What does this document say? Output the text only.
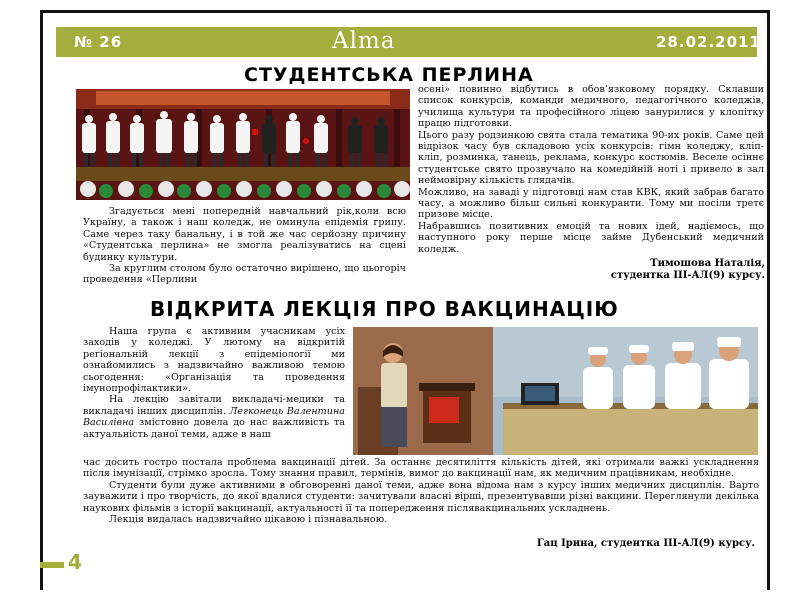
№ 26	Alma	28.02.2011
СТУДЕНТСЬКА ПЕРЛИНА

Згадується мені попередній навчальний рік,коли всю Україну, а також і наш коледж, не оминула епідемія грипу. Саме через таку банальну, і в той же час серйозну причину «Студентська перлина» не змогла реалізуватись на сцені будинку культури.

За круглим столом було остаточно вирішено, що цьогоріч проведення «Перлини

осені» повинно відбутись в обов’язковому порядку. Склавши список конкурсів, команди медичного, педагогічного коледжів, училища культури та професійного ліцею занурилися у клопітку працю підготовки.

Цього разу родзинкою свята стала тематика 90-их років. Саме цей відрізок часу був складовою усіх конкурсів: гімн коледжу, кліп-кліп, розминка, танець, реклама, конкурс костюмів. Веселе осіннє студентське свято прозвучало на комедійній ноті і привело в зал неймовірну кількість глядачів.

Можливо, на заваді у підготовці нам став КВК, який забрав багато часу, а можливо більш сильні конкуранти. Тому ми посіли третє призове місце.

Набравшись позитивних емоцій та нових ідей, надіємось, що наступного року перше місце займе Дубенський медичний коледж.

Тимошова Наталія,
студентка ІІІ-АЛ(9) курсу.
ВІДКРИТА ЛЕКЦІЯ ПРО ВАКЦИНАЦІЮ

Наша група є активним учасникам усіх заходів у коледжі. У лютому на відкритій регіональній лекції з епідеміології ми ознайомились з надзвичайно важливою темою сьогодення: «Організація та проведення імунопрофілактики».

На лекцію завітали викладачі-медики та викладачі інших дисциплін. Легконець Валентина Василівна змістовно довела до нас важливість та актуальність даної теми, адже в наш

час досить гостро постала проблема вакцинації дітей. За останнє десятиліття кількість дітей, які отримали важкі ускладнення після імунізації, стрімко зросла. Тому знання правил, термінів, вимог до вакцинації нам, як медичним працівникам, необхідне.

Студенти були дуже активними в обговоренні даної теми, адже вона відома нам з курсу інших медичних дисциплін. Варто зауважити і про творчість, до якої вдалися студенти: зачитували власні вірші, презентувавши різні вакцини. Переглянули декілька наукових фільмів з історії вакцинації, актуальності її та попередження післявакцинальних ускладнень.

Лекція видалась надзвичайно цікавою і пізнавальною.

Гац Ірина, студентка ІІІ-АЛ(9) курсу.
4
